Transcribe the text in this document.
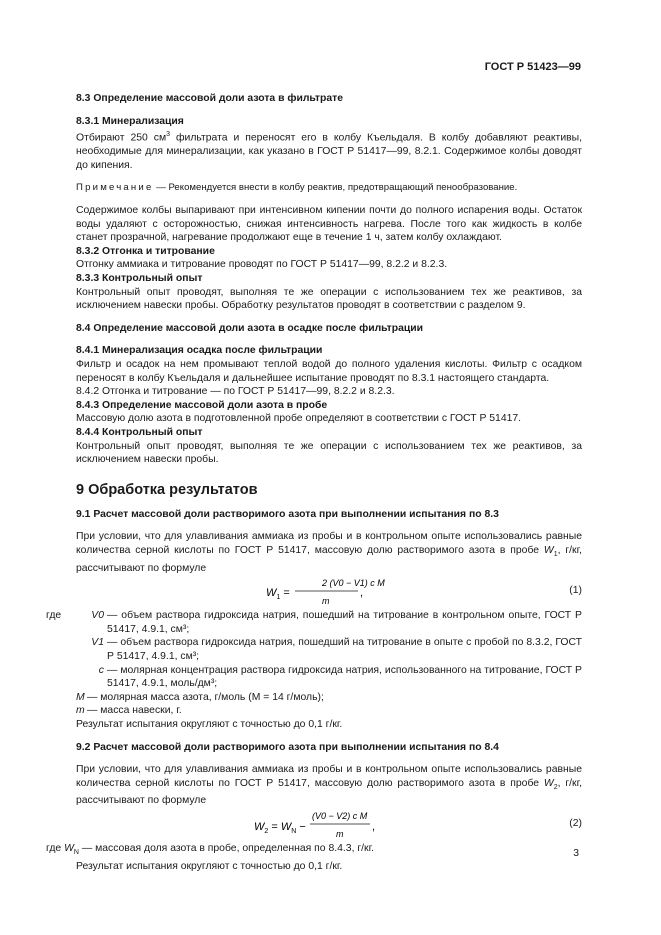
ГОСТ Р 51423—99

8.3 Определение массовой доли азота в фильтрате

8.3.1 Минерализация

Отбирают 250 $см^3$ фильтрата и переносят его в колбу Къельдаля. В колбу добавляют реактивы, необходимые для минерализации, как указано в ГОСТ Р 51417—99, 8.2.1. Содержимое колбы доводят до кипения.

Примечание — Рекомендуется внести в колбу реактив, предотвращающий пенообразование.

Содержимое колбы выпаривают при интенсивном кипении почти до полного испарения воды. Остаток воды удаляют с осторожностью, снижая интенсивность нагрева. После того как жидкость в колбе станет прозрачной, нагревание продолжают еще в течение 1 ч, затем колбу охлаждают.

8.3.2 Отгонка и титрование

Отгонку аммиака и титрование проводят по ГОСТ Р 51417—99, 8.2.2 и 8.2.3.

8.3.3 Контрольный опыт

Контрольный опыт проводят, выполняя те же операции с использованием тех же реактивов, за исключением навески пробы. Обработку результатов проводят в соответствии с разделом 9.

8.4 Определение массовой доли азота в осадке после фильтрации

8.4.1 Минерализация осадка после фильтрации

Фильтр и осадок на нем промывают теплой водой до полного удаления кислоты. Фильтр с осадком переносят в колбу Къельдаля и дальнейшее испытание проводят по 8.3.1 настоящего стандарта.

8.4.2 Отгонка и титрование — по ГОСТ Р 51417—99, 8.2.2 и 8.2.3.

8.4.3 Определение массовой доли азота в пробе

Массовую долю азота в подготовленной пробе определяют в соответствии с ГОСТ Р 51417.

8.4.4 Контрольный опыт

Контрольный опыт проводят, выполняя те же операции с использованием тех же реактивов, за исключением навески пробы.

9 Обработка результатов

9.1 Расчет массовой доли растворимого азота при выполнении испытания по 8.3

При условии, что для улавливания аммиака из пробы и в контрольном опыте использовались равные количества серной кислоты по ГОСТ Р 51417, массовую долю растворимого азота в пробе $W_1$, г/кг, рассчитывают по формуле

$W_1$ =
2 (V0 − V1) c M
m
,	(1)
где	V0 — объем раствора гидроксида натрия, пошедший на титрование в контрольном опыте, ГОСТ Р 51417, 4.9.1, см³;
V1 — объем раствора гидроксида натрия, пошедший на титрование в опыте с пробой по 8.3.2, ГОСТ Р 51417, 4.9.1, см³;
c — молярная концентрация раствора гидроксида натрия, использованного на титрование, ГОСТ Р 51417, 4.9.1, моль/дм³;
M — молярная масса азота, г/моль (M = 14 г/моль);
m — масса навески, г.

Результат испытания округляют с точностью до 0,1 г/кг.

9.2 Расчет массовой доли растворимого азота при выполнении испытания по 8.4

При условии, что для улавливания аммиака из пробы и в контрольном опыте использовались равные количества серной кислоты по ГОСТ Р 51417, массовую долю растворимого азота в пробе $W_2$, г/кг, рассчитывают по формуле

$W_2 = W_N$ −
(V0 − V2) c M
m
,	(2)

где $W_N$ — массовая доля азота в пробе, определенная по 8.4.3, г/кг.

Результат испытания округляют с точностью до 0,1 г/кг.

3
